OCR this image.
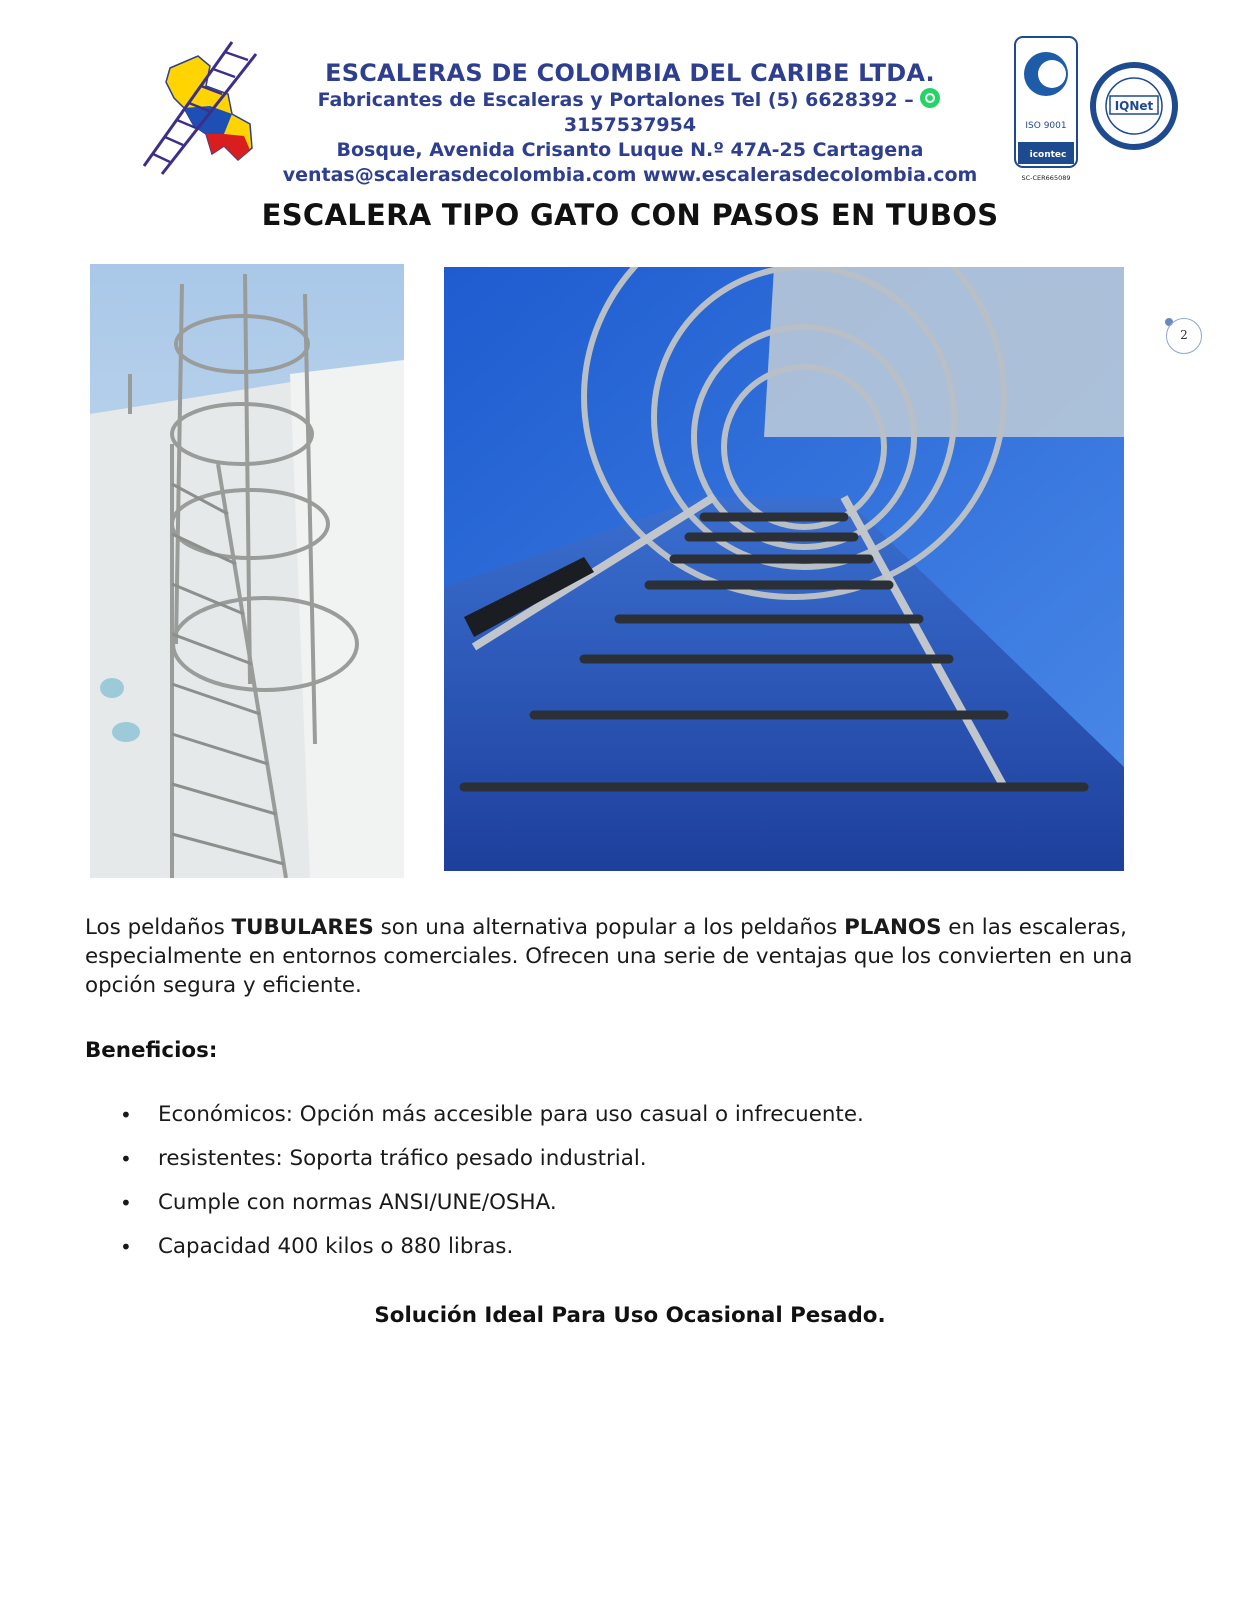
ESCALERAS DE COLOMBIA DEL CARIBE LTDA.
Fabricantes de Escaleras y Portalones Tel (5) 6628392 – 3157537954
Bosque, Avenida Crisanto Luque N.º 47A-25 Cartagena
ventas@scalerasdecolombia.com www.escalerasdecolombia.com
ISO 9001
icontec
SC-CER665089
IQNet
ESCALERA TIPO GATO CON PASOS EN TUBOS
2
Los peldaños TUBULARES son una alternativa popular a los peldaños PLANOS en las escaleras, especialmente en entornos comerciales. Ofrecen una serie de ventajas que los convierten en una opción segura y eficiente.
Beneficios:
• Económicos: Opción más accesible para uso casual o infrecuente.
• resistentes: Soporta tráfico pesado industrial.
• Cumple con normas ANSI/UNE/OSHA.
• Capacidad 400 kilos o 880 libras.
Solución Ideal Para Uso Ocasional Pesado.
